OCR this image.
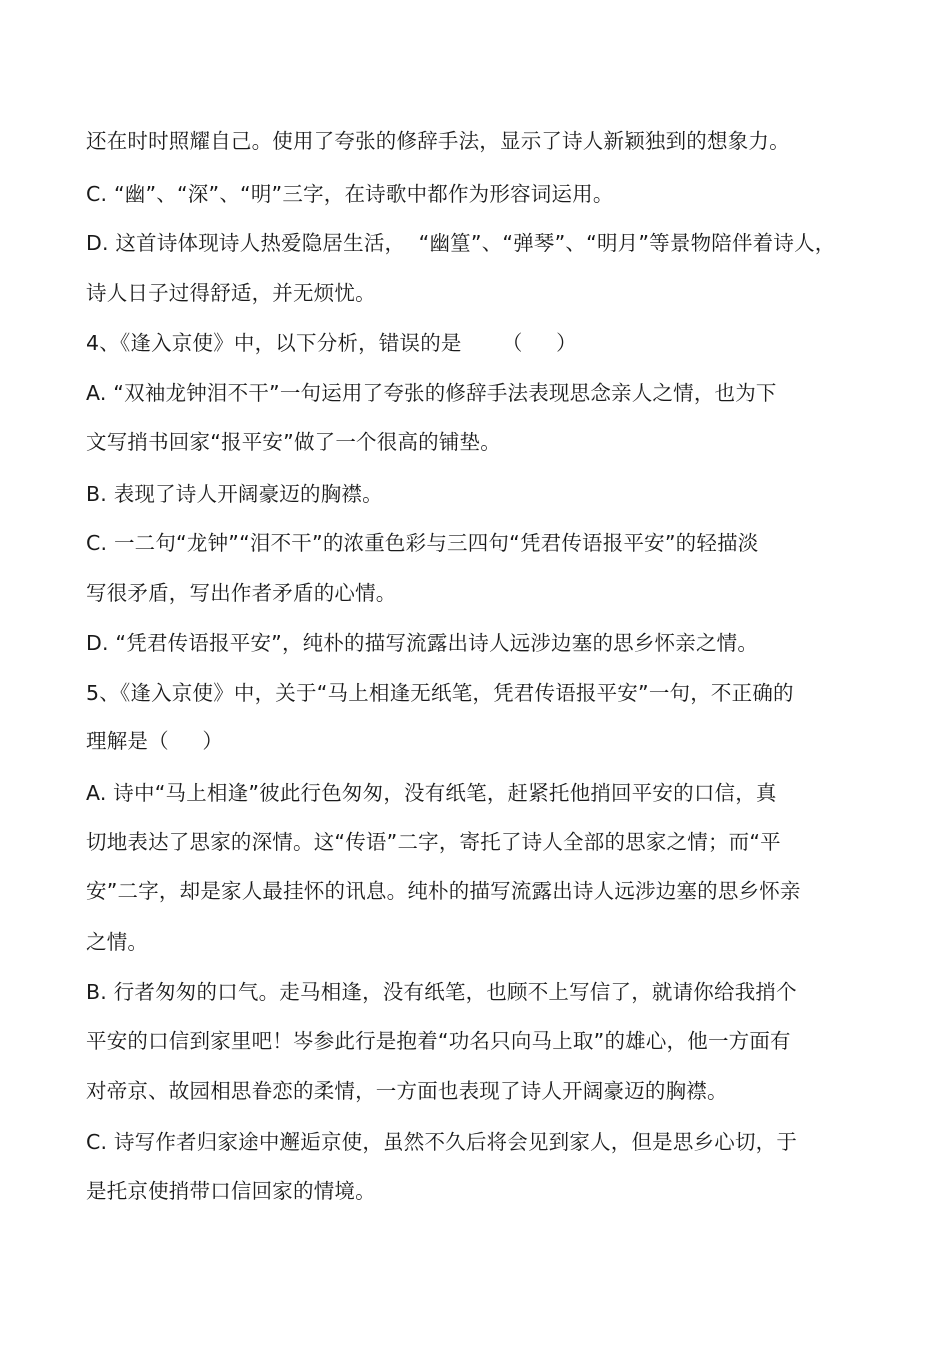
还在时时照耀自己。使用了夸张的修辞手法，显示了诗人新颖独到的想象力。
C. “幽”、“深”、“明”三字，在诗歌中都作为形容词运用。
D. 这首诗体现诗人热爱隐居生活，  “幽篁”、“弹琴”、“明月”等景物陪伴着诗人，
诗人日子过得舒适，并无烦忧。
4、《逢入京使》中，以下分析，错误的是      （     ）
A. “双袖龙钟泪不干”一句运用了夸张的修辞手法表现思念亲人之情，也为下
文写捎书回家“报平安”做了一个很高的铺垫。
B. 表现了诗人开阔豪迈的胸襟。
C. 一二句“龙钟”“泪不干”的浓重色彩与三四句“凭君传语报平安”的轻描淡
写很矛盾，写出作者矛盾的心情。
D. “凭君传语报平安”，纯朴的描写流露出诗人远涉边塞的思乡怀亲之情。
5、《逢入京使》中，关于“马上相逢无纸笔，凭君传语报平安”一句，不正确的
理解是（     ）
A. 诗中“马上相逢”彼此行色匆匆，没有纸笔，赶紧托他捎回平安的口信，真
切地表达了思家的深情。这“传语”二字，寄托了诗人全部的思家之情；而“平
安”二字，却是家人最挂怀的讯息。纯朴的描写流露出诗人远涉边塞的思乡怀亲
之情。
B. 行者匆匆的口气。走马相逢，没有纸笔，也顾不上写信了，就请你给我捎个
平安的口信到家里吧！岑参此行是抱着“功名只向马上取”的雄心，他一方面有
对帝京、故园相思眷恋的柔情，一方面也表现了诗人开阔豪迈的胸襟。
C. 诗写作者归家途中邂逅京使，虽然不久后将会见到家人，但是思乡心切，于
是托京使捎带口信回家的情境。
